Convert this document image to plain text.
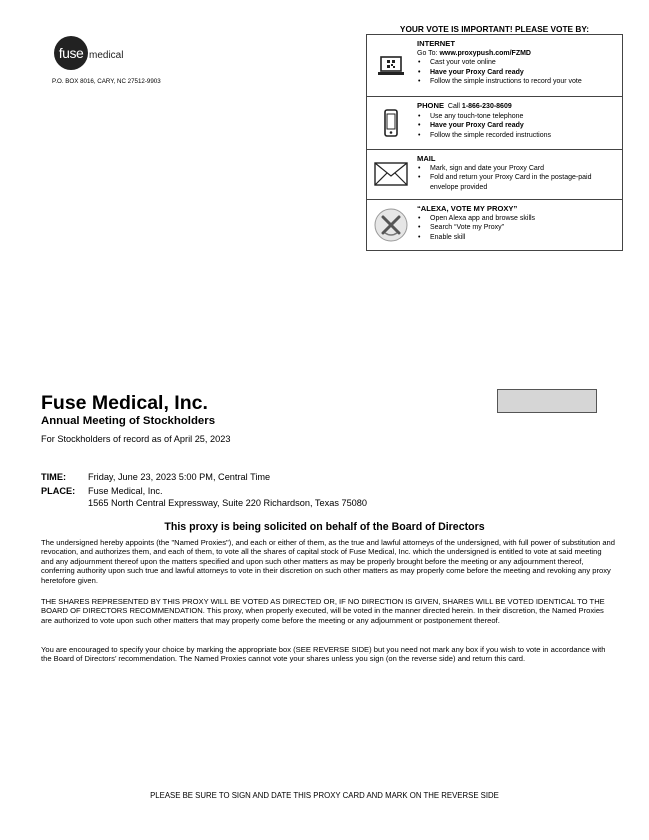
fuse medical
P.O. BOX 8016, CARY, NC 27512-9903
YOUR VOTE IS IMPORTANT! PLEASE VOTE BY:
INTERNET
Go To: www.proxypush.com/FZMD
• Cast your vote online
• Have your Proxy Card ready
• Follow the simple instructions to record your vote
PHONE Call 1-866-230-8609
• Use any touch-tone telephone
• Have your Proxy Card ready
• Follow the simple recorded instructions
MAIL
• Mark, sign and date your Proxy Card
• Fold and return your Proxy Card in the postage-paid envelope provided
“ALEXA, VOTE MY PROXY”
• Open Alexa app and browse skills
• Search “Vote my Proxy”
• Enable skill
Fuse Medical, Inc.
Annual Meeting of Stockholders
For Stockholders of record as of April 25, 2023
TIME: Friday, June 23, 2023 5:00 PM, Central Time
PLACE: Fuse Medical, Inc.
1565 North Central Expressway, Suite 220 Richardson, Texas 75080
This proxy is being solicited on behalf of the Board of Directors
The undersigned hereby appoints (the "Named Proxies"), and each or either of them, as the true and lawful attorneys of the undersigned, with full power of substitution and revocation, and authorizes them, and each of them, to vote all the shares of capital stock of Fuse Medical, Inc. which the undersigned is entitled to vote at said meeting and any adjournment thereof upon the matters specified and upon such other matters as may be properly brought before the meeting or any adjournment thereof, conferring authority upon such true and lawful attorneys to vote in their discretion on such other matters as may properly come before the meeting and revoking any proxy heretofore given.
THE SHARES REPRESENTED BY THIS PROXY WILL BE VOTED AS DIRECTED OR, IF NO DIRECTION IS GIVEN, SHARES WILL BE VOTED IDENTICAL TO THE BOARD OF DIRECTORS RECOMMENDATION. This proxy, when properly executed, will be voted in the manner directed herein. In their discretion, the Named Proxies are authorized to vote upon such other matters that may properly come before the meeting or any adjournment or postponement thereof.
You are encouraged to specify your choice by marking the appropriate box (SEE REVERSE SIDE) but you need not mark any box if you wish to vote in accordance with the Board of Directors’ recommendation. The Named Proxies cannot vote your shares unless you sign (on the reverse side) and return this card.
PLEASE BE SURE TO SIGN AND DATE THIS PROXY CARD AND MARK ON THE REVERSE SIDE
